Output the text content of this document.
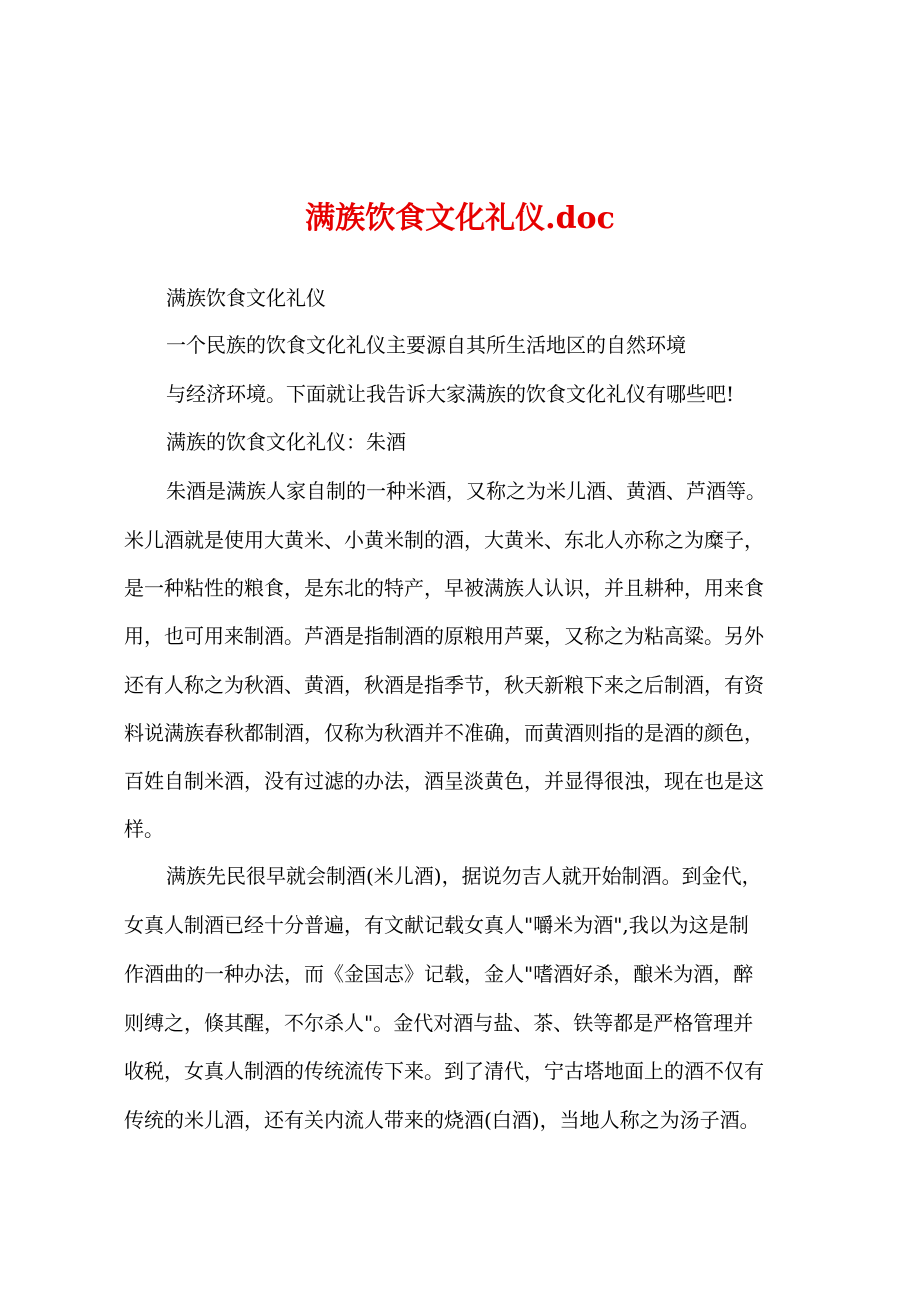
满族饮食文化礼仪.doc
满族饮食文化礼仪
一个民族的饮食文化礼仪主要源自其所生活地区的自然环境
与经济环境。下面就让我告诉大家满族的饮食文化礼仪有哪些吧!
满族的饮食文化礼仪：朱酒
朱酒是满族人家自制的一种米酒，又称之为米儿酒、黄酒、芦酒等。
米儿酒就是使用大黄米、小黄米制的酒，大黄米、东北人亦称之为糜子，
是一种粘性的粮食，是东北的特产，早被满族人认识，并且耕种，用来食
用，也可用来制酒。芦酒是指制酒的原粮用芦粟，又称之为粘高粱。另外
还有人称之为秋酒、黄酒，秋酒是指季节，秋天新粮下来之后制酒，有资
料说满族春秋都制酒，仅称为秋酒并不准确，而黄酒则指的是酒的颜色，
百姓自制米酒，没有过滤的办法，酒呈淡黄色，并显得很浊，现在也是这
样。
满族先民很早就会制酒(米儿酒)，据说勿吉人就开始制酒。到金代，
女真人制酒已经十分普遍，有文献记载女真人"嚼米为酒",我以为这是制
作酒曲的一种办法，而《金国志》记载，金人"嗜酒好杀，酿米为酒，醉
则缚之，倏其醒，不尔杀人"。金代对酒与盐、茶、铁等都是严格管理并
收税，女真人制酒的传统流传下来。到了清代，宁古塔地面上的酒不仅有
传统的米儿酒，还有关内流人带来的烧酒(白酒)，当地人称之为汤子酒。
